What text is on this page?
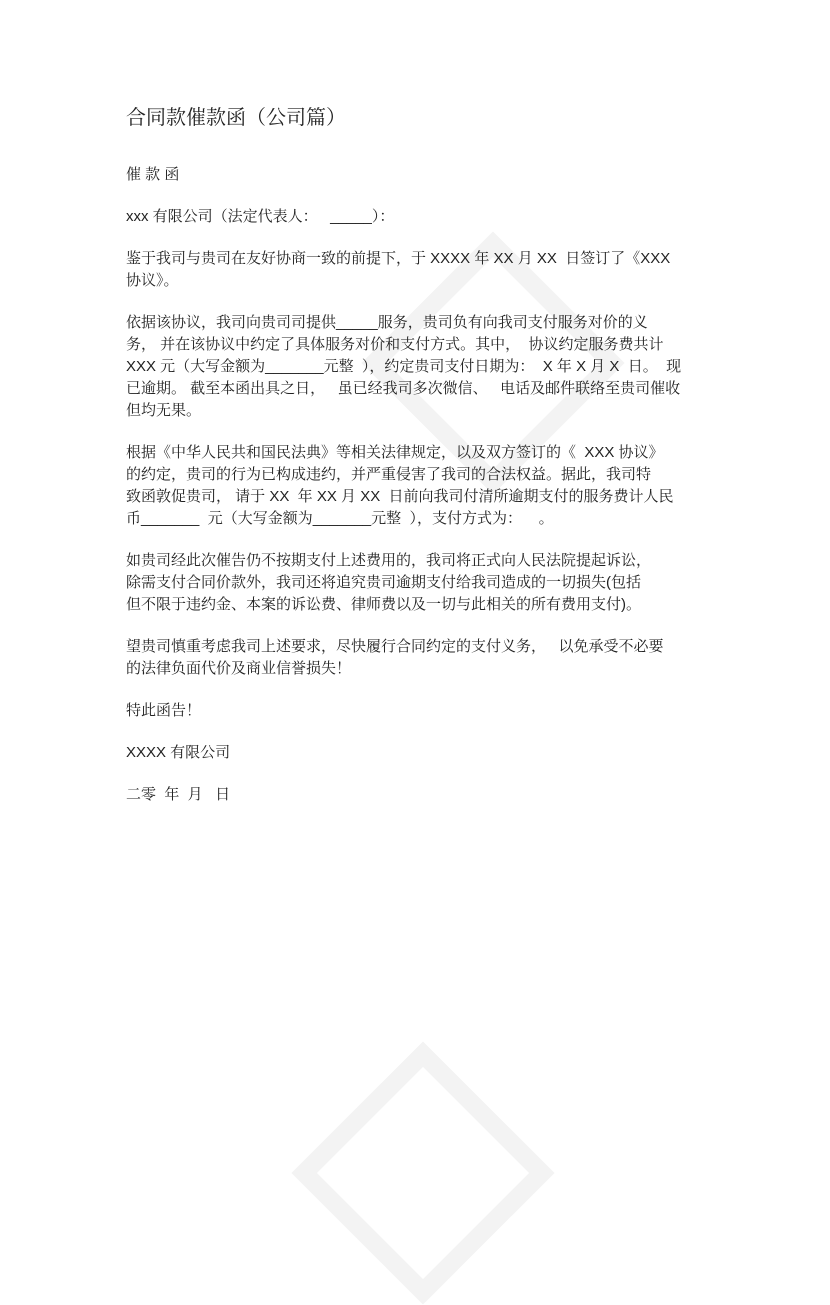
合同款催款函（公司篇）
催 款 函
xxx 有限公司（法定代表人：   _____）：
鉴于我司与贵司在友好协商一致的前提下，于 XXXX 年 XX 月 XX  日签订了《XXX
协议》。
依据该协议，我司向贵司司提供_____服务，贵司负有向我司支付服务对价的义
务， 并在该协议中约定了具体服务对价和支付方式。其中，  协议约定服务费共计
XXX 元（大写金额为_______元整  ），约定贵司支付日期为：  X 年 X 月 X  日。  现
已逾期。 截至本函出具之日，   虽已经我司多次微信、   电话及邮件联络至贵司催收
但均无果。
根据《中华人民共和国民法典》等相关法律规定，以及双方签订的《  XXX 协议》
的约定，贵司的行为已构成违约，并严重侵害了我司的合法权益。据此，我司特
致函敦促贵司， 请于 XX  年 XX 月 XX  日前向我司付清所逾期支付的服务费计人民
币_______  元（大写金额为_______元整  ），支付方式为：    。
如贵司经此次催告仍不按期支付上述费用的，我司将正式向人民法院提起诉讼，
除需支付合同价款外，我司还将追究贵司逾期支付给我司造成的一切损失(包括
但不限于违约金、本案的诉讼费、律师费以及一切与此相关的所有费用支付)。
望贵司慎重考虑我司上述要求，尽快履行合同约定的支付义务，   以免承受不必要
的法律负面代价及商业信誉损失！
特此函告！
XXXX 有限公司
二零  年  月   日
